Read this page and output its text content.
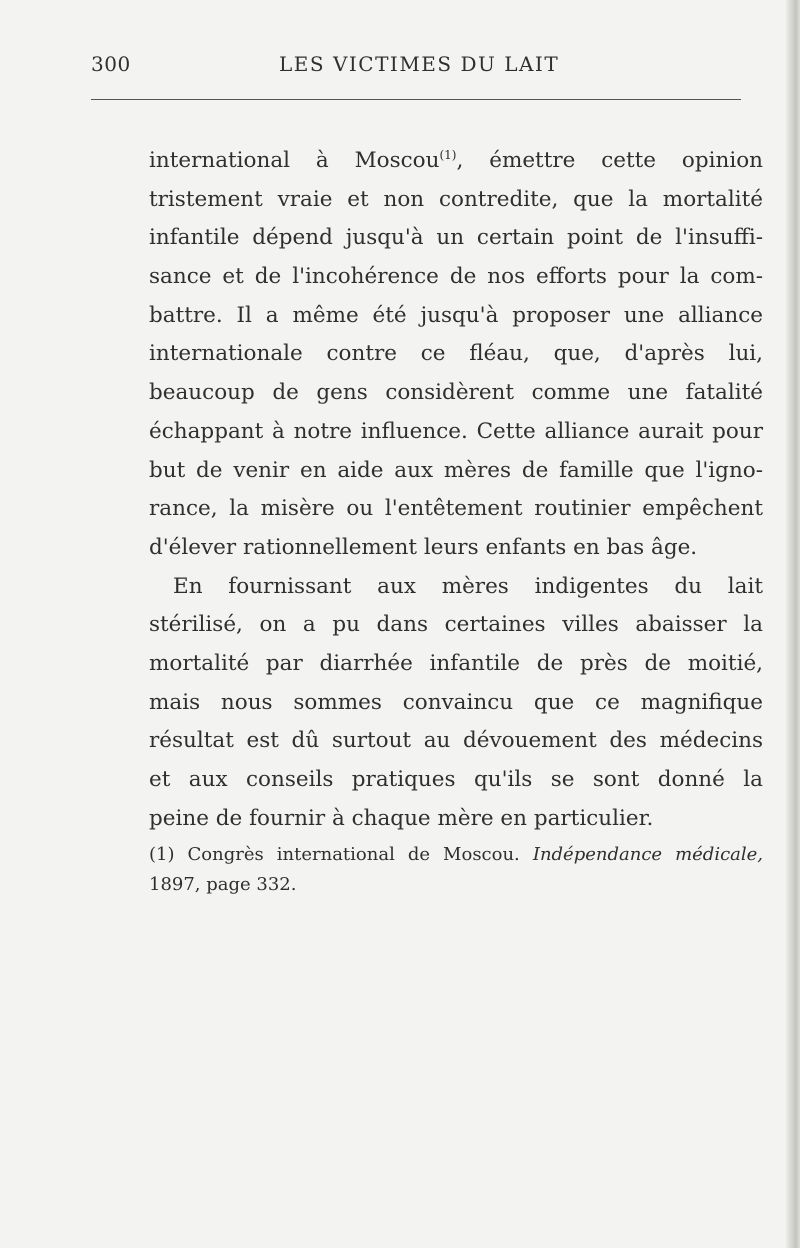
300	LES VICTIMES DU LAIT
international à Moscou$^{(1)}$, émettre cette opinion
tristement vraie et non contredite, que la mortalité
infantile dépend jusqu'à un certain point de l'insuffi-
sance et de l'incohérence de nos efforts pour la com-
battre. Il a même été jusqu'à proposer une alliance
internationale contre ce fléau, que, d'après lui,
beaucoup de gens considèrent comme une fatalité
échappant à notre influence. Cette alliance aurait pour
but de venir en aide aux mères de famille que l'igno-
rance, la misère ou l'entêtement routinier empêchent
d'élever rationnellement leurs enfants en bas âge.
En fournissant aux mères indigentes du lait
stérilisé, on a pu dans certaines villes abaisser la
mortalité par diarrhée infantile de près de moitié,
mais nous sommes convaincu que ce magnifique
résultat est dû surtout au dévouement des médecins
et aux conseils pratiques qu'ils se sont donné la
peine de fournir à chaque mère en particulier.
(1) Congrès international de Moscou. Indépendance médicale,
1897, page 332.
